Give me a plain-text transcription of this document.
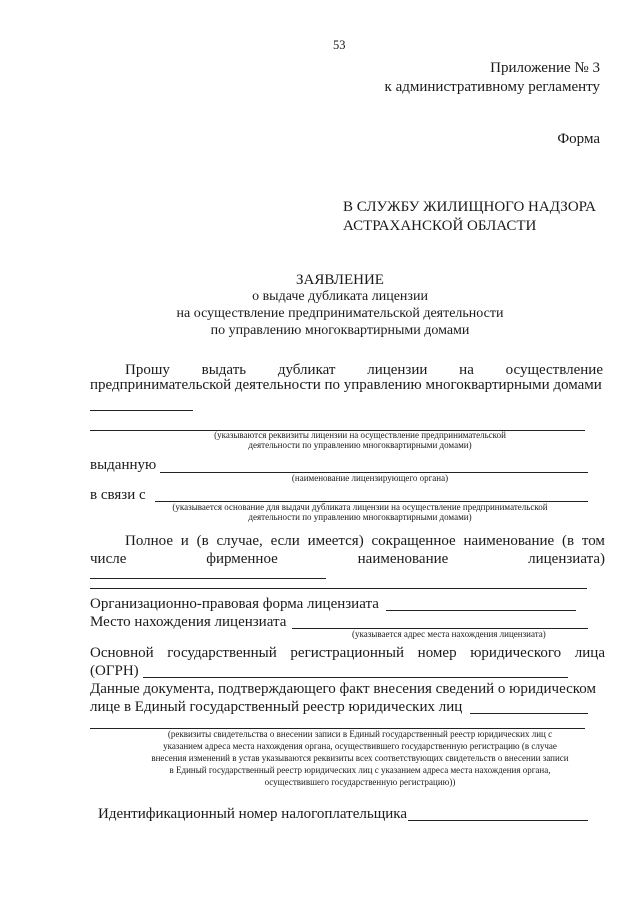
53
Приложение № 3
к административному регламенту
Форма
В СЛУЖБУ ЖИЛИЩНОГО НАДЗОРА
АСТРАХАНСКОЙ ОБЛАСТИ
ЗАЯВЛЕНИЕ
о выдаче дубликата лицензии
на осуществление предпринимательской деятельности
по управлению многоквартирными домами
Прошу выдать дубликат лицензии на осуществление
предпринимательской деятельности по управлению многоквартирными домами
(указываются реквизиты лицензии на осуществление предпринимательской
деятельности по управлению многоквартирными домами)
выданную
(наименование лицензирующего органа)
в связи с
(указывается основание для выдачи дубликата лицензии на осуществление предпринимательской
деятельности по управлению многоквартирными домами)
Полное и (в случае, если имеется) сокращенное наименование (в том
числе	фирменное	наименование	лицензиата)
Организационно-правовая форма лицензиата
Место нахождения лицензиата
(указывается адрес места нахождения лицензиата)
Основной государственный регистрационный номер юридического лица
(ОГРН)
Данные документа, подтверждающего факт внесения сведений о юридическом
лице в Единый государственный реестр юридических лиц
(реквизиты свидетельства о внесении записи в Единый государственный реестр юридических лиц с
указанием адреса места нахождения органа, осуществившего государственную регистрацию (в случае
внесения изменений в устав указываются реквизиты всех соответствующих свидетельств о внесении записи
в Единый государственный реестр юридических лиц с указанием адреса места нахождения органа,
осуществившего государственную регистрацию))
Идентификационный номер налогоплательщика
